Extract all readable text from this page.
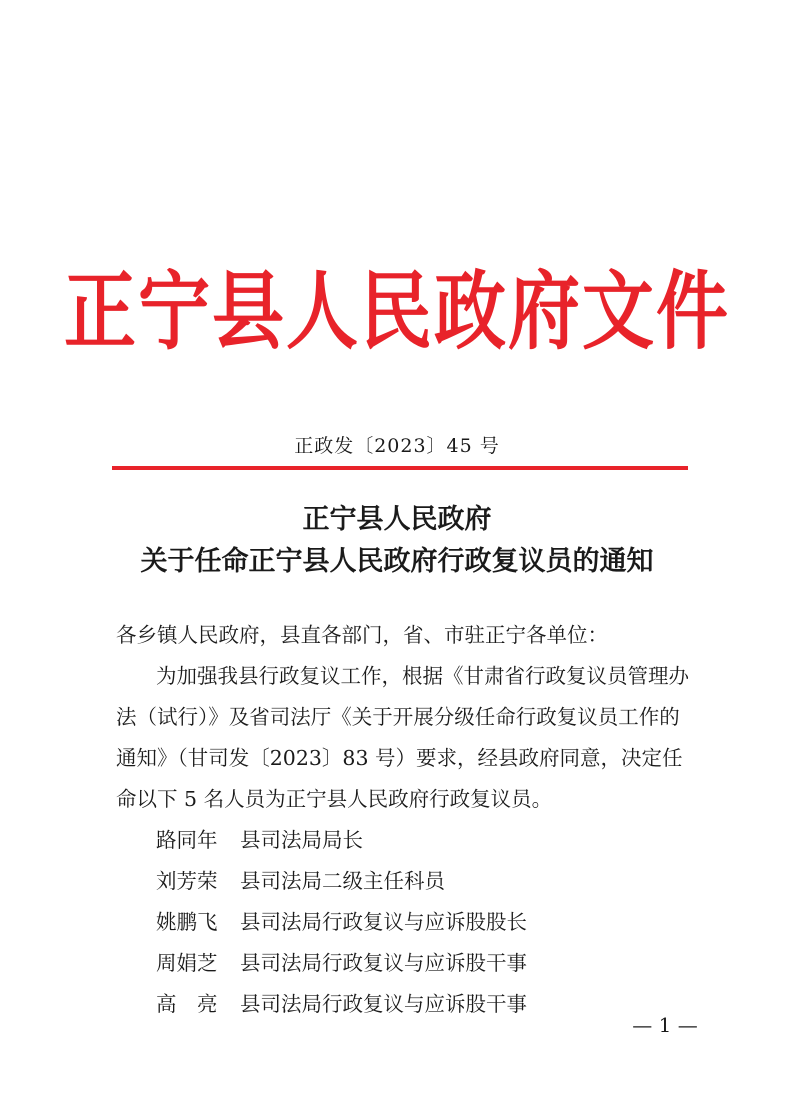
正宁县人民政府文件
正政发〔2023〕45 号
正宁县人民政府
关于任命正宁县人民政府行政复议员的通知
各乡镇人民政府，县直各部门，省、市驻正宁各单位：
为加强我县行政复议工作，根据《甘肃省行政复议员管理办
法（试行）》及省司法厅《关于开展分级任命行政复议员工作的
通知》（甘司发〔2023〕83 号）要求，经县政府同意，决定任
命以下 5 名人员为正宁县人民政府行政复议员。
路同年 县司法局局长
刘芳荣 县司法局二级主任科员
姚鹏飞 县司法局行政复议与应诉股股长
周娟芝 县司法局行政复议与应诉股干事
高　亮 县司法局行政复议与应诉股干事
— 1 —
